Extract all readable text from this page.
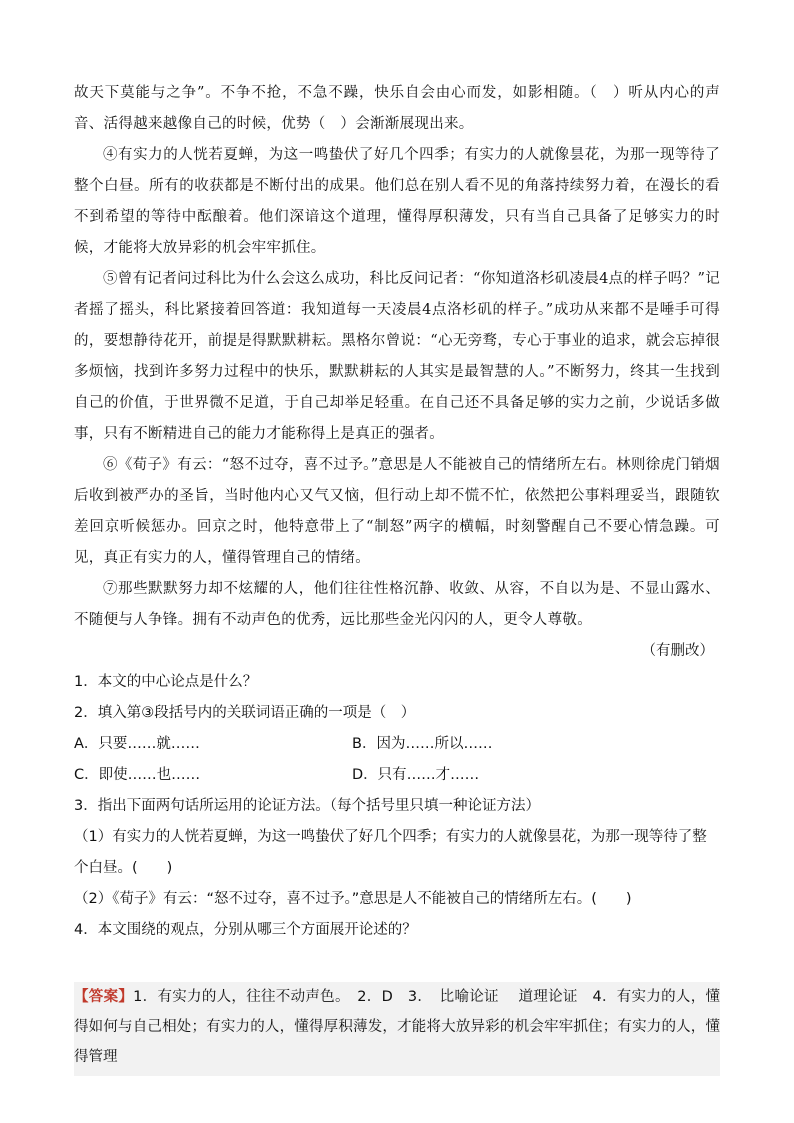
故天下莫能与之争”。不争不抢，不急不躁，快乐自会由心而发，如影相随。（　）听从内心的声音、活得越来越像自己的时候，优势（　）会渐渐展现出来。

④有实力的人恍若夏蝉，为这一鸣蛰伏了好几个四季；有实力的人就像昙花，为那一现等待了整个白昼。所有的收获都是不断付出的成果。他们总在别人看不见的角落持续努力着，在漫长的看不到希望的等待中酝酿着。他们深谙这个道理，懂得厚积薄发，只有当自己具备了足够实力的时候，才能将大放异彩的机会牢牢抓住。

⑤曾有记者问过科比为什么会这么成功，科比反问记者：“你知道洛杉矶凌晨4点的样子吗？”记者摇了摇头，科比紧接着回答道：我知道每一天凌晨4点洛杉矶的样子。”成功从来都不是唾手可得的，要想静待花开，前提是得默默耕耘。黑格尔曾说：“心无旁骛，专心于事业的追求，就会忘掉很多烦恼，找到许多努力过程中的快乐，默默耕耘的人其实是最智慧的人。”不断努力，终其一生找到自己的价值，于世界微不足道，于自己却举足轻重。在自己还不具备足够的实力之前，少说话多做事，只有不断精进自己的能力才能称得上是真正的强者。

⑥《荀子》有云：“怒不过夺，喜不过予。”意思是人不能被自己的情绪所左右。林则徐虎门销烟后收到被严办的圣旨，当时他内心又气又恼，但行动上却不慌不忙，依然把公事料理妥当，跟随钦差回京听候惩办。回京之时，他特意带上了“制怒”两字的横幅，时刻警醒自己不要心情急躁。可见，真正有实力的人，懂得管理自己的情绪。

⑦那些默默努力却不炫耀的人，他们往往性格沉静、收敛、从容，不自以为是、不显山露水、不随便与人争锋。拥有不动声色的优秀，远比那些金光闪闪的人，更令人尊敬。

（有删改）

1．本文的中心论点是什么？

2．填入第③段括号内的关联词语正确的一项是（　）

A．只要……就……	B．因为……所以……

C．即使……也……	D．只有……才……

3．指出下面两句话所运用的论证方法。（每个括号里只填一种论证方法）

（1）有实力的人恍若夏蝉，为这一鸣蛰伏了好几个四季；有实力的人就像昙花，为那一现等待了整个白昼。(　　)

（2）《荀子》有云：“怒不过夺，喜不过予。”意思是人不能被自己的情绪所左右。(　　)

4．本文围绕的观点，分别从哪三个方面展开论述的？

【答案】1．有实力的人，往往不动声色。　2．D　3．　比喻论证　 道理论证　4．有实力的人，懂得如何与自己相处；有实力的人，懂得厚积薄发，才能将大放异彩的机会牢牢抓住；有实力的人，懂得管理
